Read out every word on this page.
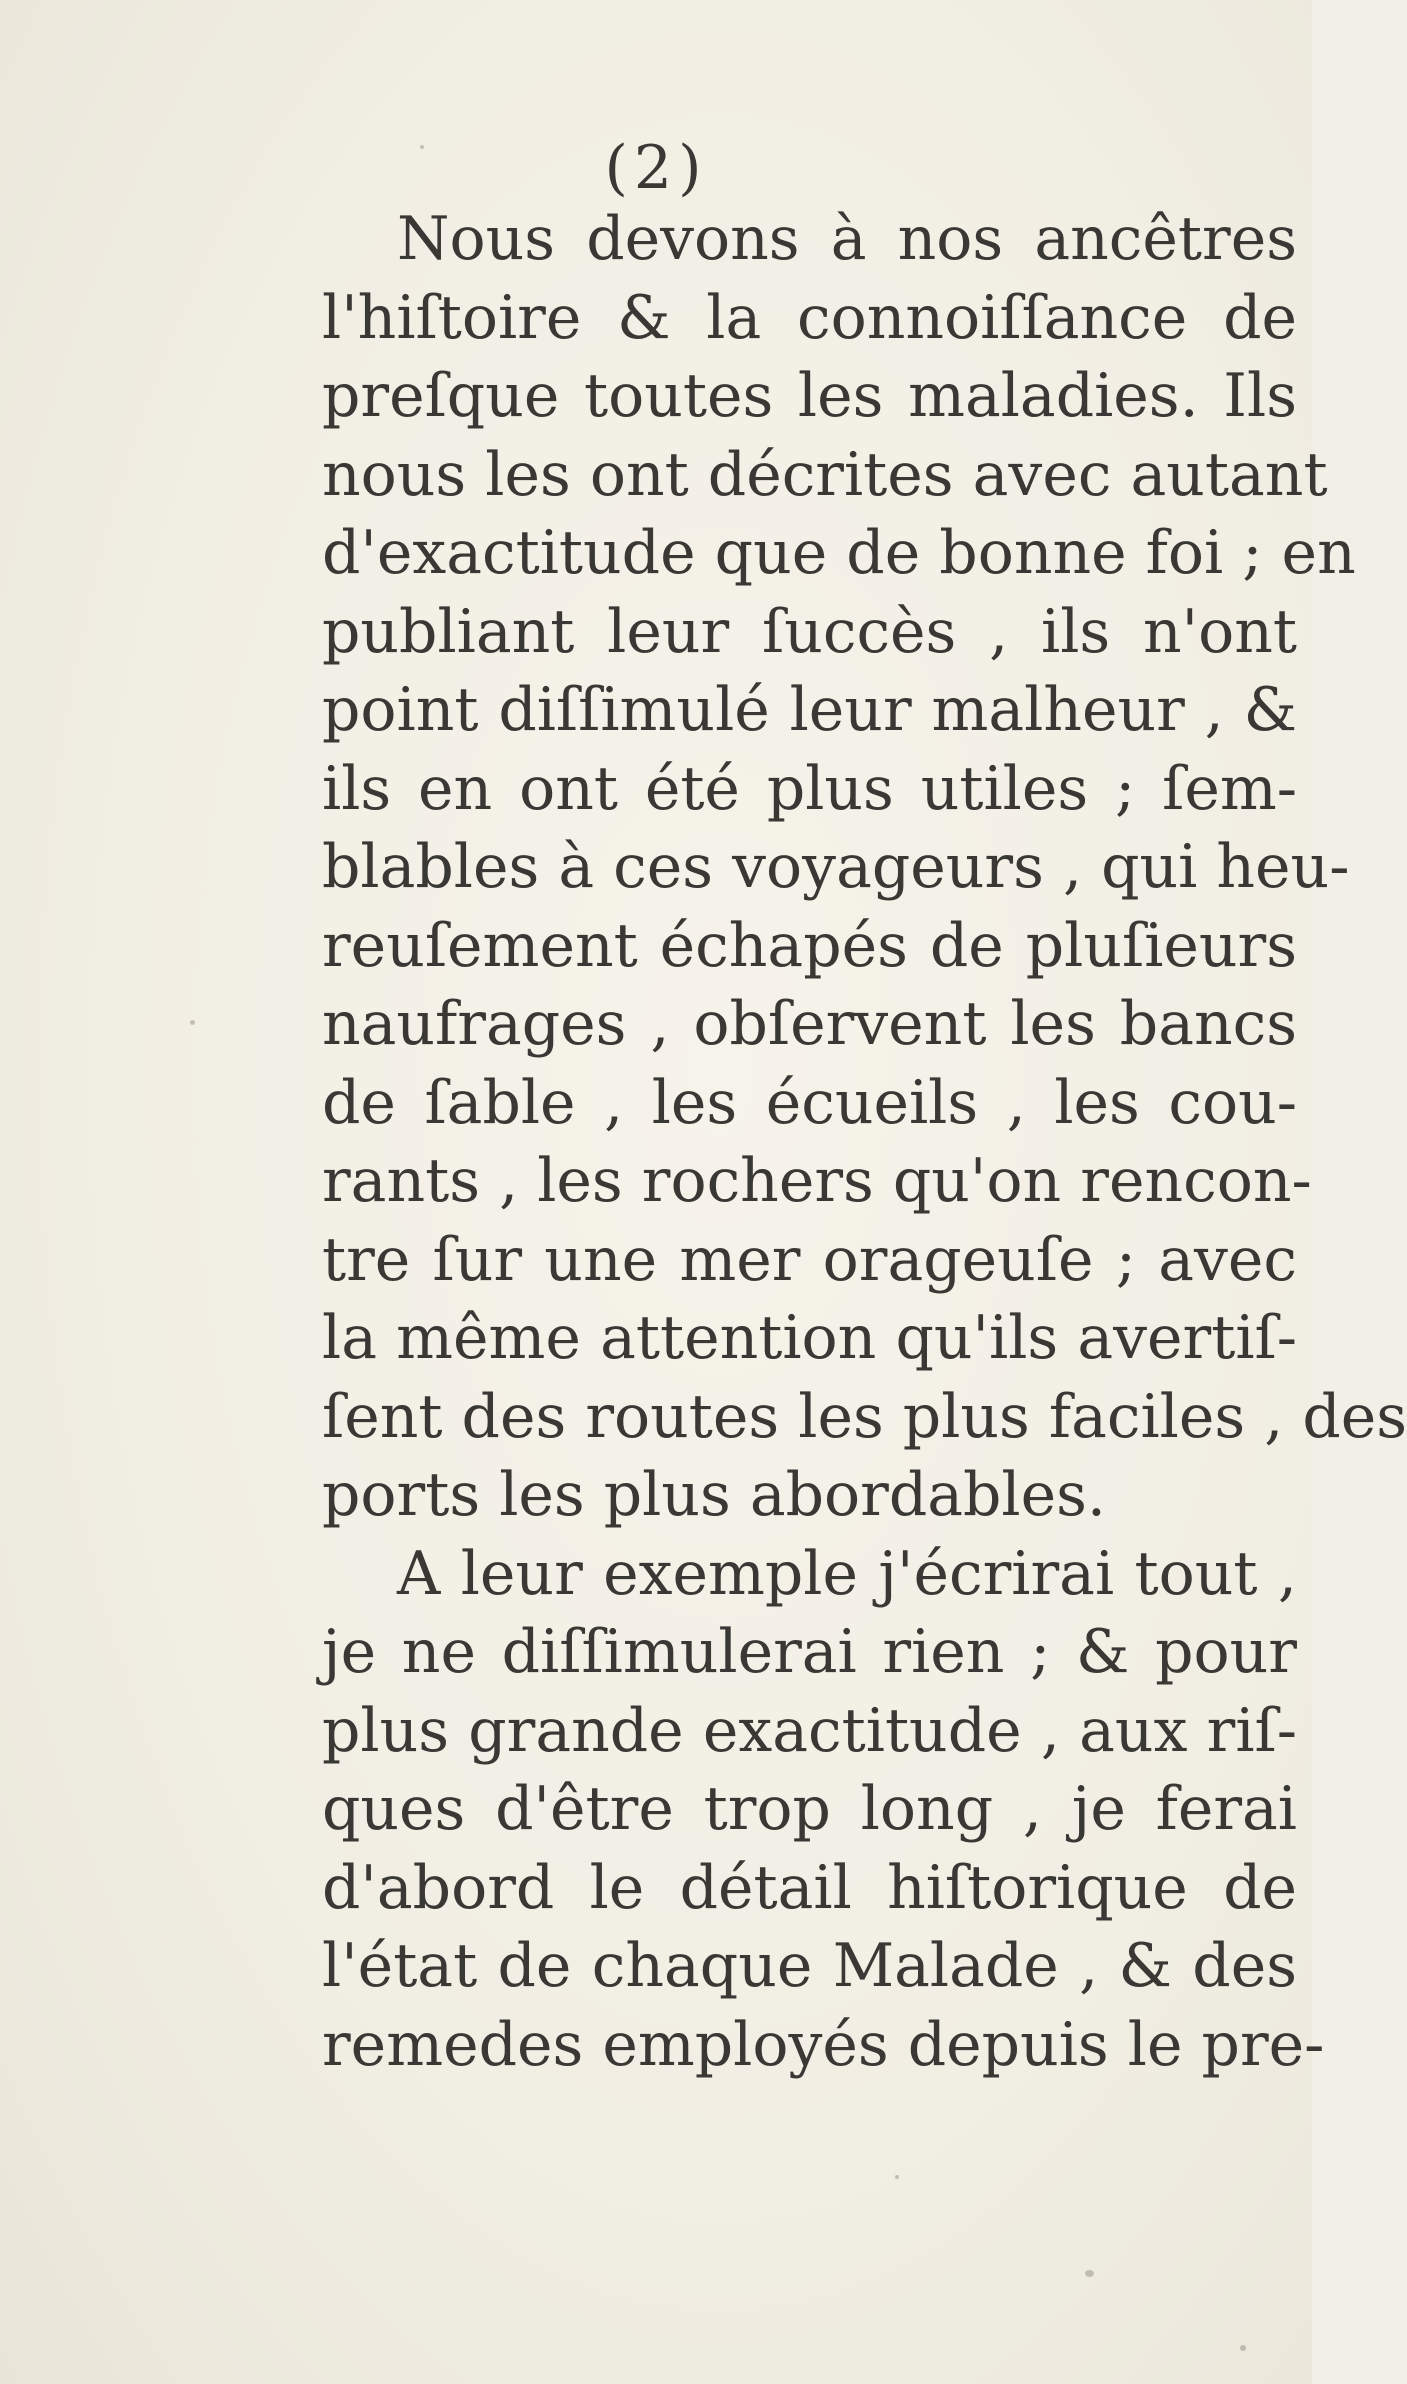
(2)
Nous devons à nos ancêtres
l'hiſtoire & la connoiſſance de
preſque toutes les maladies. Ils
nous les ont décrites avec autant
d'exactitude que de bonne foi ; en
publiant leur ſuccès , ils n'ont
point diſſimulé leur malheur , &
ils en ont été plus utiles ; ſem-
blables à ces voyageurs , qui heu-
reuſement échapés de pluſieurs
naufrages , obſervent les bancs
de ſable , les écueils , les cou-
rants , les rochers qu'on rencon-
tre ſur une mer orageuſe ; avec
la même attention qu'ils avertiſ-
ſent des routes les plus faciles , des
ports les plus abordables.
A leur exemple j'écrirai tout ,
je ne diſſimulerai rien ; & pour
plus grande exactitude , aux riſ-
ques d'être trop long , je ferai
d'abord le détail hiſtorique de
l'état de chaque Malade , & des
remedes employés depuis le pre-
